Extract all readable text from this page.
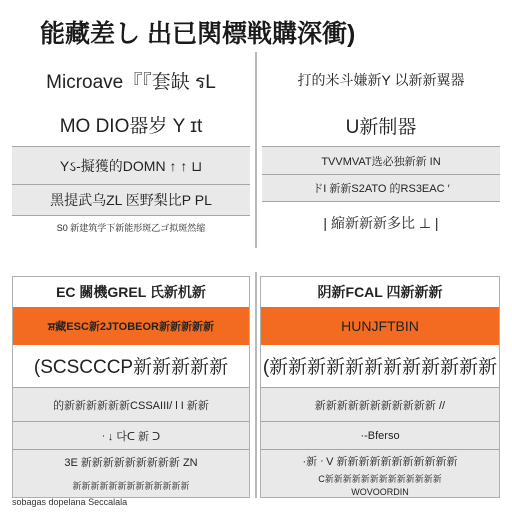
能藏差し 出已関標戦購深衝)
Microave『『套缺 รL
MO DIO器岁 Y ɪt
Yઽ-擬獲的DOMN ↑ ↑ ⊔
黑提武乌ZL 医野梨比P PL
S0 新建筑学下新能形斑乙ゴ拟斑然缩
打的米斗嫌新Y 以新新翼器
U新制器
TVVMVAT选必独新新 IN
ドI 新新S2ATO 的RS3EAC ′
| 縮新新新多比 ⊥ |
EC 關機GREL 氏新机新
ਸ਼藏ESC新2JTOBEOR新新新新新
(SCSCCCP新新新新新
的新新新新新新CSSAIII/ l I 新新
ᐧ ↓ 다ᑕ 新 ᑐ
3E 新新新新新新新新新 ZN
新新新新新新新新新新新新新
阴新FCAL 四新新新
HUNJFTBIN
(新新新新新新新新新新新新
新新新新新新新新新新新 //
·-Bferso
·新 ᐧ V 新新新新新新新新新新新
C新新新新新新新新新新新新新
WOVOORDIN
sobagas dopelana Seccalala
